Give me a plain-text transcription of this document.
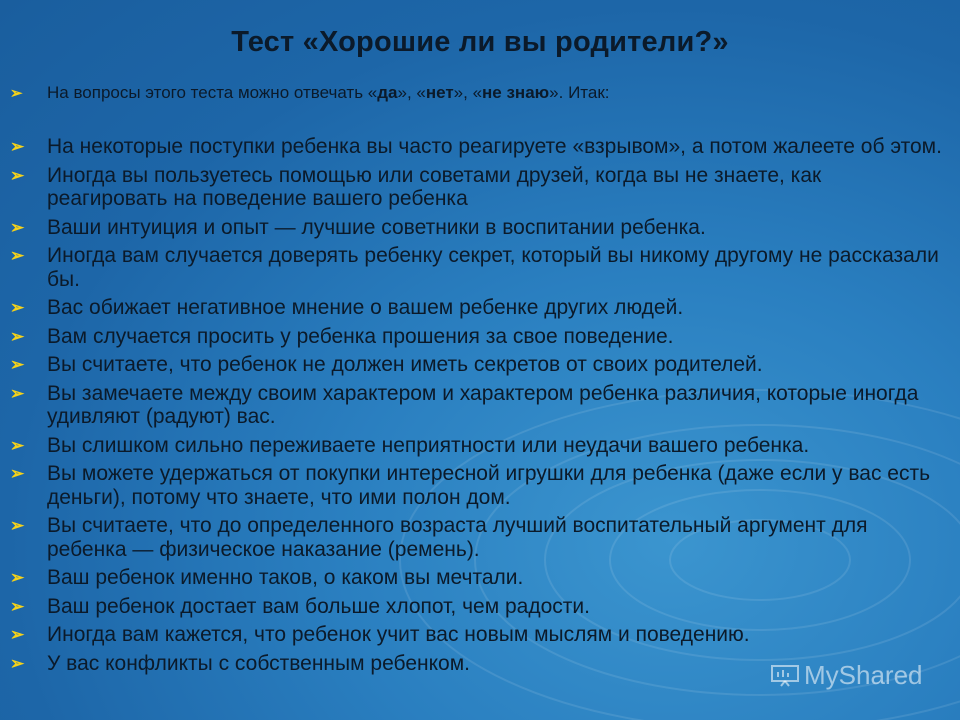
Тест «Хорошие ли вы родители?»
➢	На вопросы этого теста можно отвечать «да», «нет», «не знаю». Итак:
➢ На некоторые поступки ребенка вы часто реагируете «взрывом», а потом жалеете об этом.
➢ Иногда вы пользуетесь помощью или советами друзей, когда вы не знаете, как реагировать на поведение вашего ребенка
➢ Ваши интуиция и опыт — лучшие советники в воспитании ребенка.
➢ Иногда вам случается доверять ребенку секрет, который вы никому другому не рассказали бы.
➢ Вас обижает негативное мнение о вашем ребенке других людей.
➢ Вам случается просить у ребенка прошения за свое поведение.
➢ Вы считаете, что ребенок не должен иметь секретов от своих родителей.
➢ Вы замечаете между своим характером и характером ребенка различия, которые иногда удивляют (радуют) вас.
➢ Вы слишком сильно переживаете неприятности или неудачи вашего ребенка.
➢ Вы можете удержаться от покупки интересной игрушки для ребенка (даже если у вас есть деньги), потому что знаете, что ими полон дом.
➢ Вы считаете, что до определенного возраста лучший воспитательный аргумент для ребенка — физическое наказание (ремень).
➢ Ваш ребенок именно таков, о каком вы мечтали.
➢ Ваш ребенок достает вам больше хлопот, чем радости.
➢ Иногда вам кажется, что ребенок учит вас новым мыслям и поведению.
➢ У вас конфликты с собственным ребенком.	MyShared
